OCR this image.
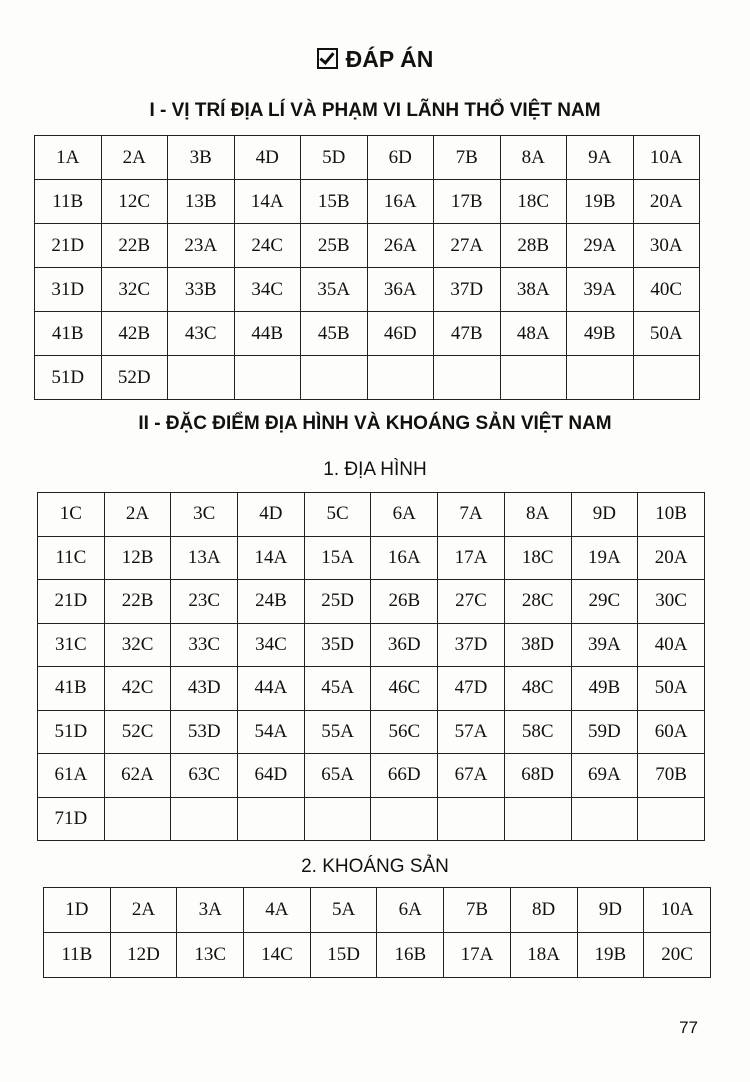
ĐÁP ÁN
I - VỊ TRÍ ĐỊA LÍ VÀ PHẠM VI LÃNH THỔ VIỆT NAM
1A	2A	3B	4D	5D	6D	7B	8A	9A	10A
11B	12C	13B	14A	15B	16A	17B	18C	19B	20A
21D	22B	23A	24C	25B	26A	27A	28B	29A	30A
31D	32C	33B	34C	35A	36A	37D	38A	39A	40C
41B	42B	43C	44B	45B	46D	47B	48A	49B	50A
51D	52D								
II - ĐẶC ĐIỂM ĐỊA HÌNH VÀ KHOÁNG SẢN VIỆT NAM
1. ĐỊA HÌNH
1C	2A	3C	4D	5C	6A	7A	8A	9D	10B
11C	12B	13A	14A	15A	16A	17A	18C	19A	20A
21D	22B	23C	24B	25D	26B	27C	28C	29C	30C
31C	32C	33C	34C	35D	36D	37D	38D	39A	40A
41B	42C	43D	44A	45A	46C	47D	48C	49B	50A
51D	52C	53D	54A	55A	56C	57A	58C	59D	60A
61A	62A	63C	64D	65A	66D	67A	68D	69A	70B
71D									
2. KHOÁNG SẢN
1D	2A	3A	4A	5A	6A	7B	8D	9D	10A
11B	12D	13C	14C	15D	16B	17A	18A	19B	20C
77
